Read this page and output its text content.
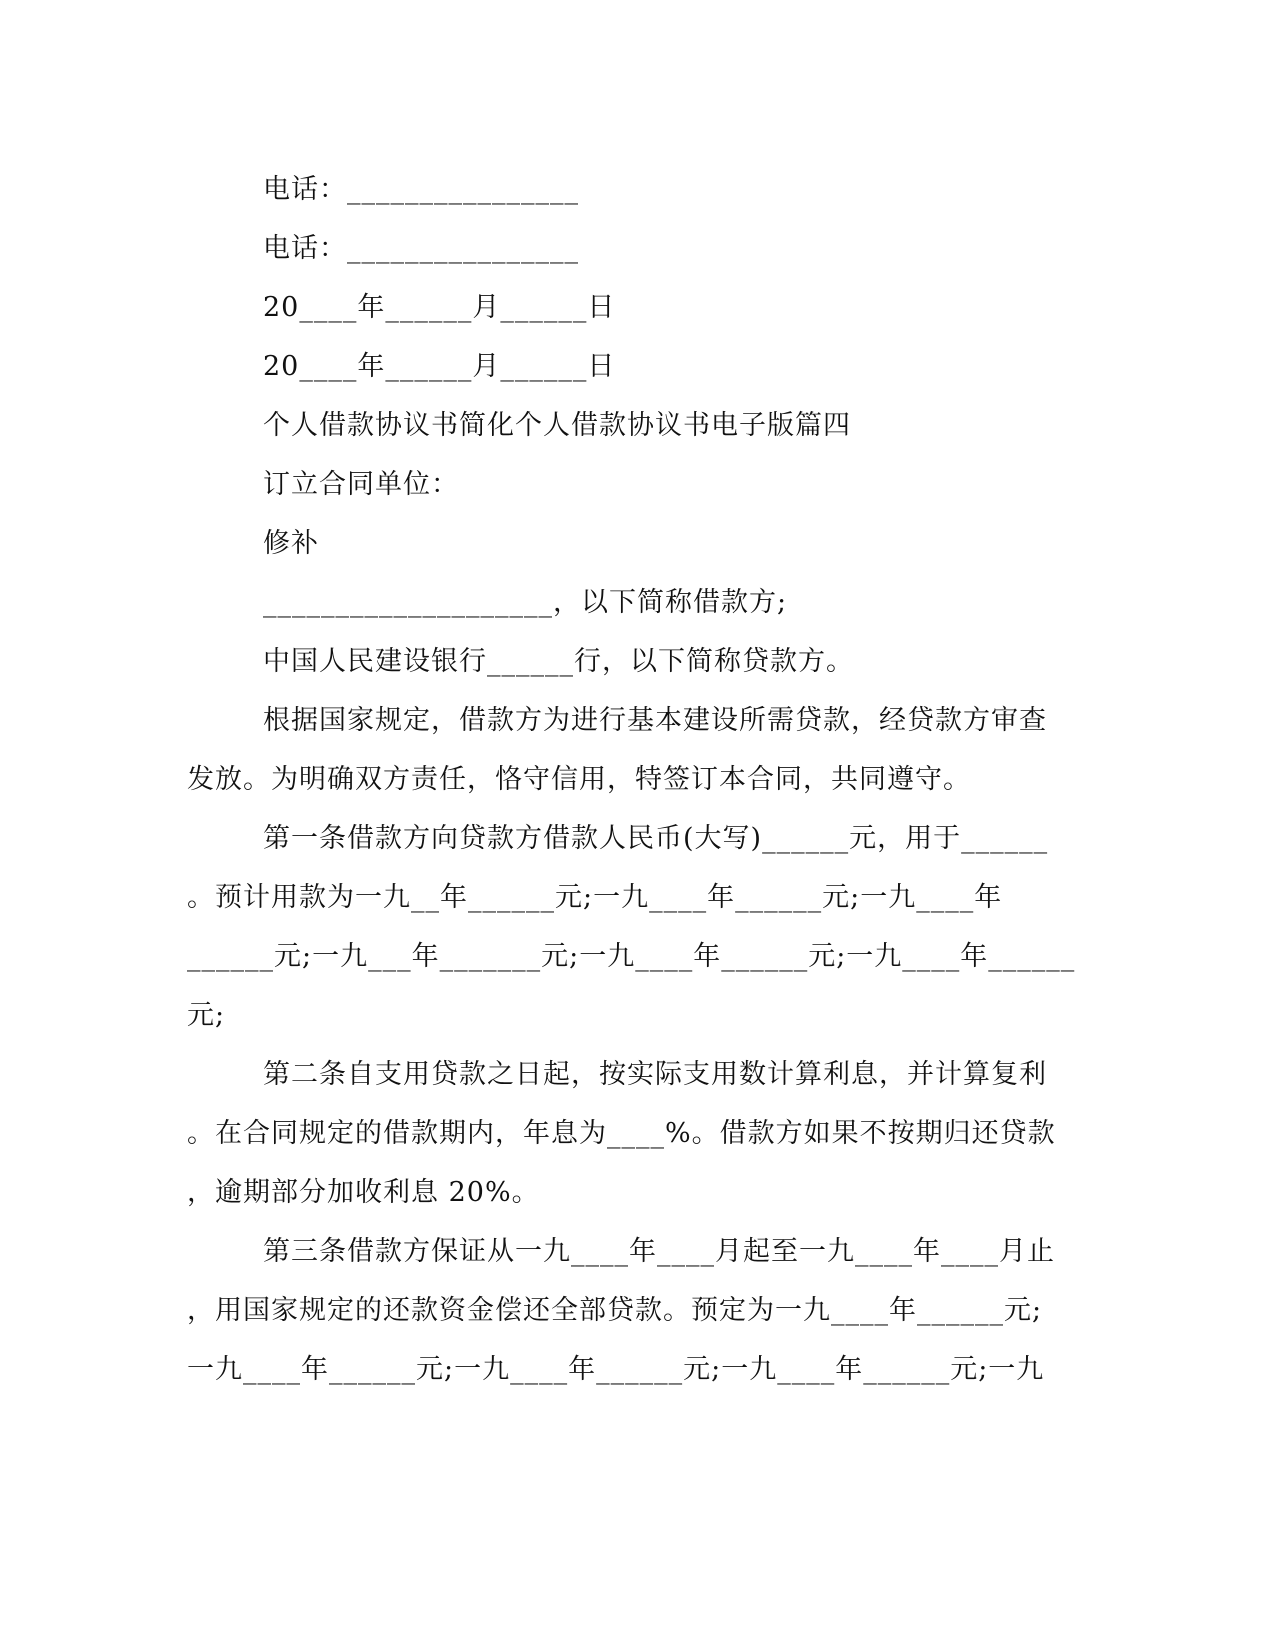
电话：________________
电话：________________
20____年______月______日
20____年______月______日
个人借款协议书简化个人借款协议书电子版篇四
订立合同单位：
修补
____________________，以下简称借款方;
中国人民建设银行______行，以下简称贷款方。
根据国家规定，借款方为进行基本建设所需贷款，经贷款方审查
发放。为明确双方责任，恪守信用，特签订本合同，共同遵守。
第一条借款方向贷款方借款人民币(大写)______元，用于______
。预计用款为一九__年______元;一九____年______元;一九____年
______元;一九___年_______元;一九____年______元;一九____年______
元;
第二条自支用贷款之日起，按实际支用数计算利息，并计算复利
。在合同规定的借款期内，年息为____%。借款方如果不按期归还贷款
，逾期部分加收利息 20%。
第三条借款方保证从一九____年____月起至一九____年____月止
，用国家规定的还款资金偿还全部贷款。预定为一九____年______元;
一九____年______元;一九____年______元;一九____年______元;一九
